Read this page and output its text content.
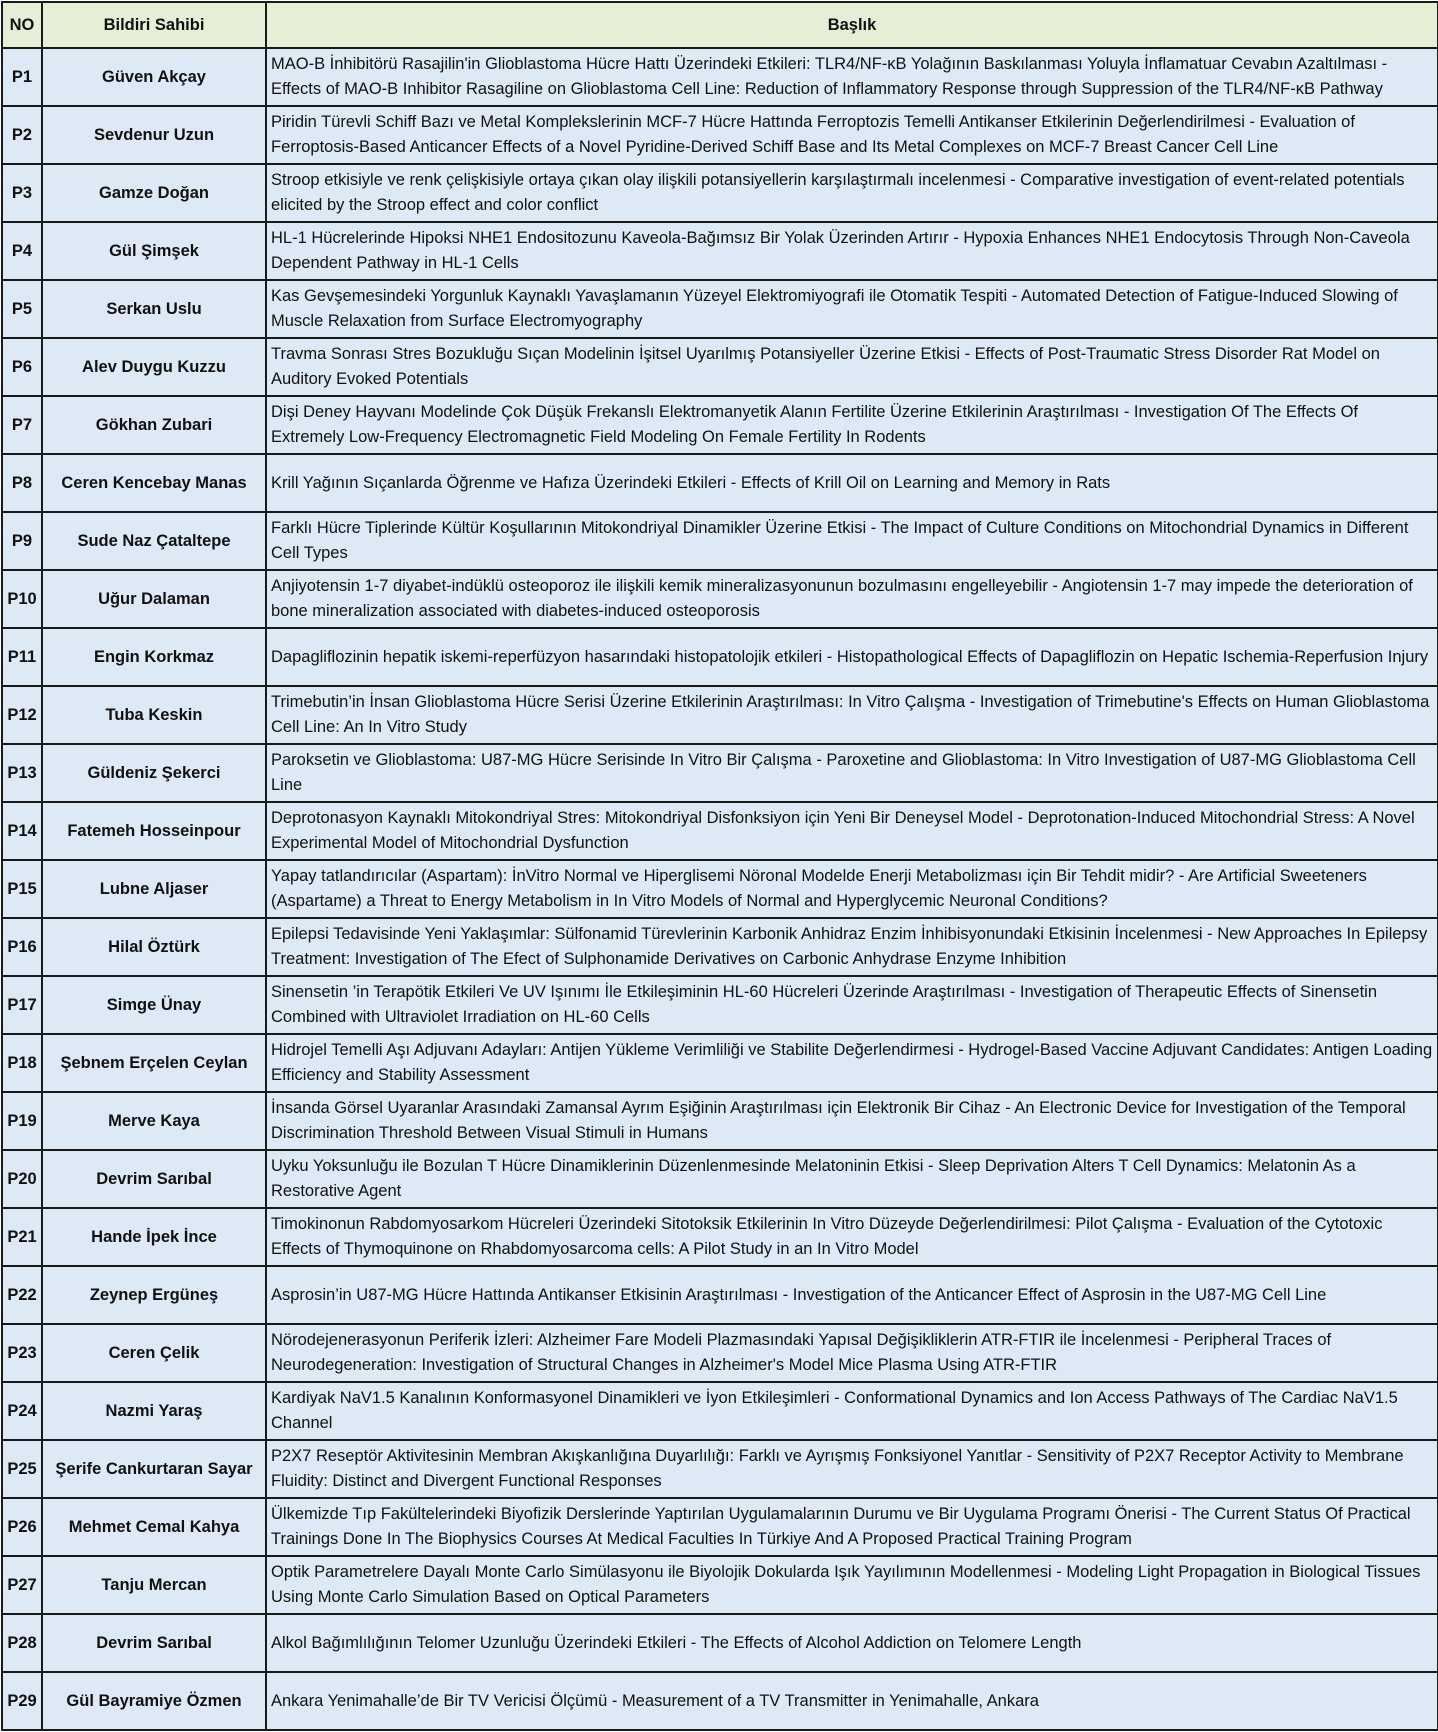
NO	Bildiri Sahibi	Başlık
P1	Güven Akçay	MAO-B İnhibitörü Rasajilin'in Glioblastoma Hücre Hattı Üzerindeki Etkileri: TLR4/NF-κB Yolağının Baskılanması Yoluyla İnflamatuar Cevabın Azaltılması - Effects of MAO-B Inhibitor Rasagiline on Glioblastoma Cell Line: Reduction of Inflammatory Response through Suppression of the TLR4/NF-κB Pathway
P2	Sevdenur Uzun	Piridin Türevli Schiff Bazı ve Metal Komplekslerinin MCF-7 Hücre Hattında Ferroptozis Temelli Antikanser Etkilerinin Değerlendirilmesi - Evaluation of Ferroptosis-Based Anticancer Effects of a Novel Pyridine-Derived Schiff Base and Its Metal Complexes on MCF-7 Breast Cancer Cell Line
P3	Gamze Doğan	Stroop etkisiyle ve renk çelişkisiyle ortaya çıkan olay ilişkili potansiyellerin karşılaştırmalı incelenmesi - Comparative investigation of event-related potentials elicited by the Stroop effect and color conflict
P4	Gül Şimşek	HL-1 Hücrelerinde Hipoksi NHE1 Endositozunu Kaveola-Bağımsız Bir Yolak Üzerinden Artırır - Hypoxia Enhances NHE1 Endocytosis Through Non-Caveola Dependent Pathway in HL-1 Cells
P5	Serkan Uslu	Kas Gevşemesindeki Yorgunluk Kaynaklı Yavaşlamanın Yüzeyel Elektromiyografi ile Otomatik Tespiti - Automated Detection of Fatigue-Induced Slowing of Muscle Relaxation from Surface Electromyography
P6	Alev Duygu Kuzzu	Travma Sonrası Stres Bozukluğu Sıçan Modelinin İşitsel Uyarılmış Potansiyeller Üzerine Etkisi - Effects of Post-Traumatic Stress Disorder Rat Model on Auditory Evoked Potentials
P7	Gökhan Zubari	Dişi Deney Hayvanı Modelinde Çok Düşük Frekanslı Elektromanyetik Alanın Fertilite Üzerine Etkilerinin Araştırılması - Investigation Of The Effects Of Extremely Low-Frequency Electromagnetic Field Modeling On Female Fertility In Rodents
P8	Ceren Kencebay Manas	Krill Yağının Sıçanlarda Öğrenme ve Hafıza Üzerindeki Etkileri - Effects of Krill Oil on Learning and Memory in Rats
P9	Sude Naz Çataltepe	Farklı Hücre Tiplerinde Kültür Koşullarının Mitokondriyal Dinamikler Üzerine Etkisi - The Impact of Culture Conditions on Mitochondrial Dynamics in Different Cell Types
P10	Uğur Dalaman	Anjiyotensin 1-7 diyabet-indüklü osteoporoz ile ilişkili kemik mineralizasyonunun bozulmasını engelleyebilir - Angiotensin 1-7 may impede the deterioration of bone mineralization associated with diabetes-induced osteoporosis
P11	Engin Korkmaz	Dapagliflozinin hepatik iskemi-reperfüzyon hasarındaki histopatolojik etkileri - Histopathological Effects of Dapagliflozin on Hepatic Ischemia-Reperfusion Injury
P12	Tuba Keskin	Trimebutin’in İnsan Glioblastoma Hücre Serisi Üzerine Etkilerinin Araştırılması: In Vitro Çalışma - Investigation of Trimebutine's Effects on Human Glioblastoma Cell Line: An In Vitro Study
P13	Güldeniz Şekerci	Paroksetin ve Glioblastoma: U87-MG Hücre Serisinde In Vitro Bir Çalışma - Paroxetine and Glioblastoma: In Vitro Investigation of U87-MG Glioblastoma Cell Line
P14	Fatemeh Hosseinpour	Deprotonasyon Kaynaklı Mitokondriyal Stres: Mitokondriyal Disfonksiyon için Yeni Bir Deneysel Model - Deprotonation-Induced Mitochondrial Stress: A Novel Experimental Model of Mitochondrial Dysfunction
P15	Lubne Aljaser	Yapay tatlandırıcılar (Aspartam): İnVitro Normal ve Hiperglisemi Nöronal Modelde Enerji Metabolizması için Bir Tehdit midir? - Are Artificial Sweeteners (Aspartame) a Threat to Energy Metabolism in In Vitro Models of Normal and Hyperglycemic Neuronal Conditions?
P16	Hilal Öztürk	Epilepsi Tedavisinde Yeni Yaklaşımlar: Sülfonamid Türevlerinin Karbonik Anhidraz Enzim İnhibisyonundaki Etkisinin İncelenmesi - New Approaches In Epilepsy Treatment: Investigation of The Efect of Sulphonamide Derivatives on Carbonic Anhydrase Enzyme Inhibition
P17	Simge Ünay	Sinensetin ’in Terapötik Etkileri Ve UV Işınımı İle Etkileşiminin HL-60 Hücreleri Üzerinde Araştırılması - Investigation of Therapeutic Effects of Sinensetin Combined with Ultraviolet Irradiation on HL-60 Cells
P18	Şebnem Erçelen Ceylan	Hidrojel Temelli Aşı Adjuvanı Adayları: Antijen Yükleme Verimliliği ve Stabilite Değerlendirmesi - Hydrogel-Based Vaccine Adjuvant Candidates: Antigen Loading Efficiency and Stability Assessment
P19	Merve Kaya	İnsanda Görsel Uyaranlar Arasındaki Zamansal Ayrım Eşiğinin Araştırılması için Elektronik Bir Cihaz - An Electronic Device for Investigation of the Temporal Discrimination Threshold Between Visual Stimuli in Humans
P20	Devrim Sarıbal	Uyku Yoksunluğu ile Bozulan T Hücre Dinamiklerinin Düzenlenmesinde Melatoninin Etkisi - Sleep Deprivation Alters T Cell Dynamics: Melatonin As a Restorative Agent
P21	Hande İpek İnce	Timokinonun Rabdomyosarkom Hücreleri Üzerindeki Sitotoksik Etkilerinin In Vitro Düzeyde Değerlendirilmesi: Pilot Çalışma - Evaluation of the Cytotoxic Effects of Thymoquinone on Rhabdomyosarcoma cells: A Pilot Study in an In Vitro Model
P22	Zeynep Ergüneş	Asprosin’in U87-MG Hücre Hattında Antikanser Etkisinin Araştırılması - Investigation of the Anticancer Effect of Asprosin in the U87-MG Cell Line
P23	Ceren Çelik	Nörodejenerasyonun Periferik İzleri: Alzheimer Fare Modeli Plazmasındaki Yapısal Değişikliklerin ATR-FTIR ile İncelenmesi - Peripheral Traces of Neurodegeneration: Investigation of Structural Changes in Alzheimer's Model Mice Plasma Using ATR-FTIR
P24	Nazmi Yaraş	Kardiyak NaV1.5 Kanalının Konformasyonel Dinamikleri ve İyon Etkileşimleri - Conformational Dynamics and Ion Access Pathways of The Cardiac NaV1.5 Channel
P25	Şerife Cankurtaran Sayar	P2X7 Reseptör Aktivitesinin Membran Akışkanlığına Duyarlılığı: Farklı ve Ayrışmış Fonksiyonel Yanıtlar - Sensitivity of P2X7 Receptor Activity to Membrane Fluidity: Distinct and Divergent Functional Responses
P26	Mehmet Cemal Kahya	Ülkemizde Tıp Fakültelerindeki Biyofizik Derslerinde Yaptırılan Uygulamalarının Durumu ve Bir Uygulama Programı Önerisi - The Current Status Of Practical Trainings Done In The Biophysics Courses At Medical Faculties In Türkiye And A Proposed Practical Training Program
P27	Tanju Mercan	Optik Parametrelere Dayalı Monte Carlo Simülasyonu ile Biyolojik Dokularda Işık Yayılımının Modellenmesi - Modeling Light Propagation in Biological Tissues Using Monte Carlo Simulation Based on Optical Parameters
P28	Devrim Sarıbal	Alkol Bağımlılığının Telomer Uzunluğu Üzerindeki Etkileri - The Effects of Alcohol Addiction on Telomere Length
P29	Gül Bayramiye Özmen	Ankara Yenimahalle’de Bir TV Vericisi Ölçümü - Measurement of a TV Transmitter in Yenimahalle, Ankara
